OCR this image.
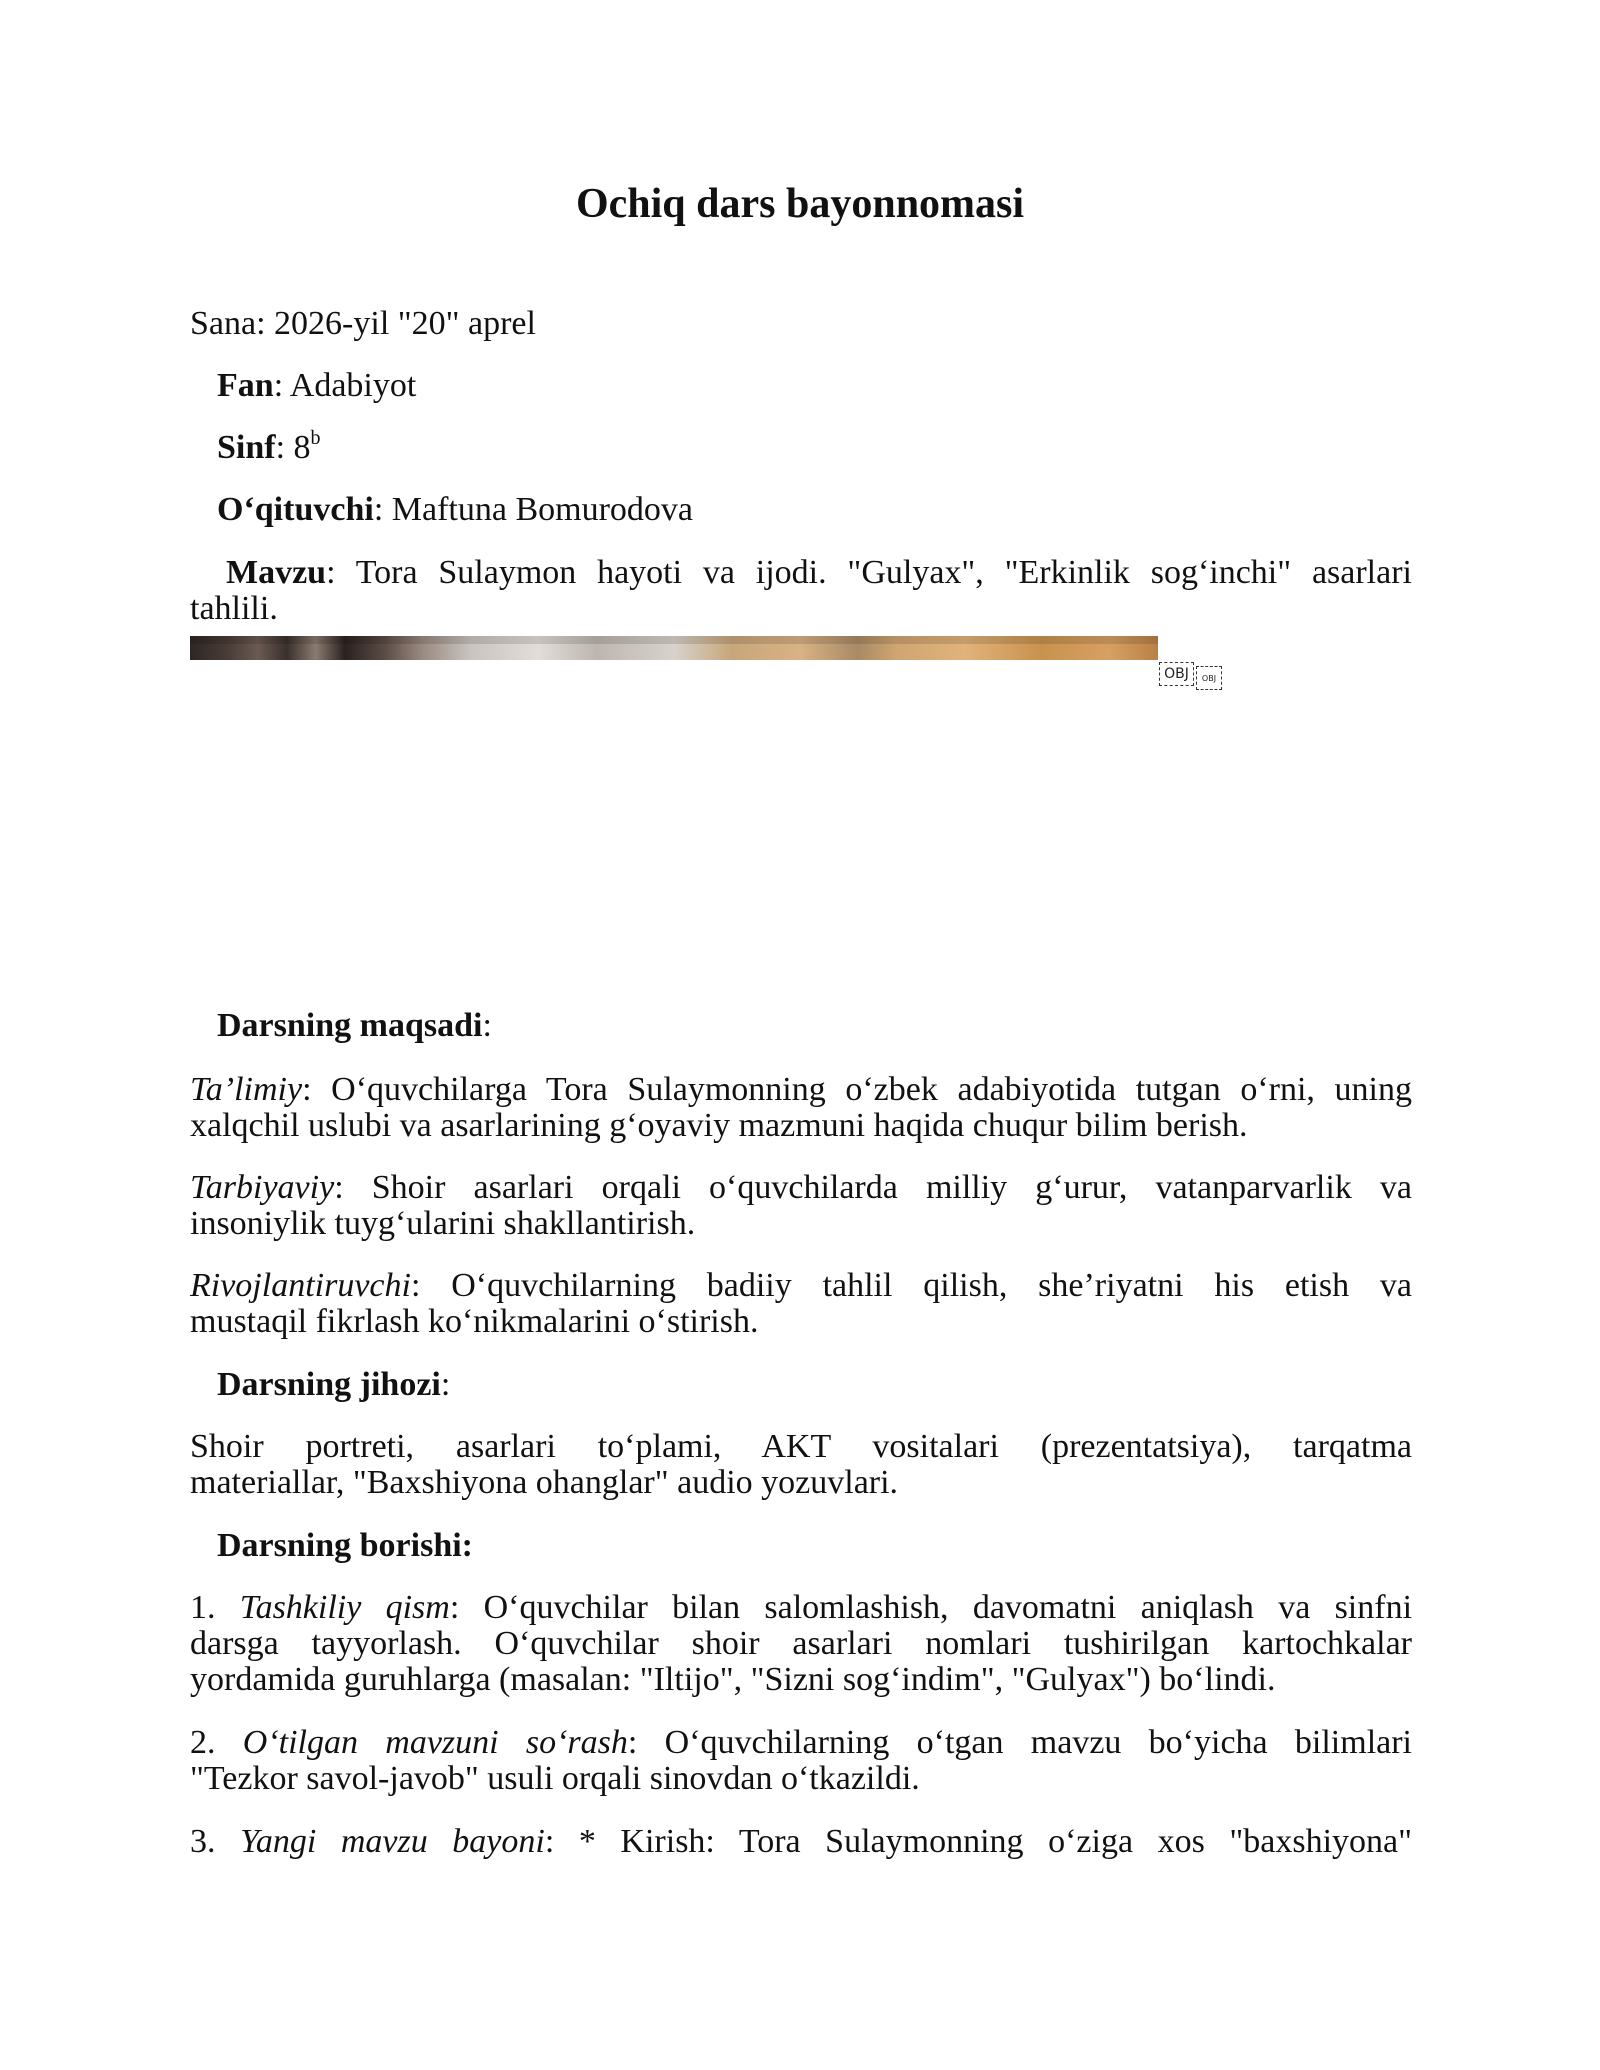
Ochiq dars bayonnomasi

Sana: 2026-yil "20" aprel

Fan: Adabiyot

Sinf: 8$^b$

O‘qituvchi: Maftuna Bomurodova

Mavzu: Tora Sulaymon hayoti va ijodi. "Gulyax", "Erkinlik sog‘inchi" asarlari

tahlili.

OBJ	OBJ

Darsning maqsadi:

Ta’limiy: O‘quvchilarga Tora Sulaymonning o‘zbek adabiyotida tutgan o‘rni, uning

xalqchil uslubi va asarlarining g‘oyaviy mazmuni haqida chuqur bilim berish.

Tarbiyaviy: Shoir asarlari orqali o‘quvchilarda milliy g‘urur, vatanparvarlik va

insoniylik tuyg‘ularini shakllantirish.

Rivojlantiruvchi: O‘quvchilarning badiiy tahlil qilish, she’riyatni his etish va

mustaqil fikrlash ko‘nikmalarini o‘stirish.

Darsning jihozi:

Shoir portreti, asarlari to‘plami, AKT vositalari (prezentatsiya), tarqatma

materiallar, "Baxshiyona ohanglar" audio yozuvlari.

Darsning borishi:

1. Tashkiliy qism: O‘quvchilar bilan salomlashish, davomatni aniqlash va sinfni

darsga tayyorlash. O‘quvchilar shoir asarlari nomlari tushirilgan kartochkalar

yordamida guruhlarga (masalan: "Iltijo", "Sizni sog‘indim", "Gulyax") bo‘lindi.

2. O‘tilgan mavzuni so‘rash: O‘quvchilarning o‘tgan mavzu bo‘yicha bilimlari

"Tezkor savol-javob" usuli orqali sinovdan o‘tkazildi.

3. Yangi mavzu bayoni: * Kirish: Tora Sulaymonning o‘ziga xos "baxshiyona"
